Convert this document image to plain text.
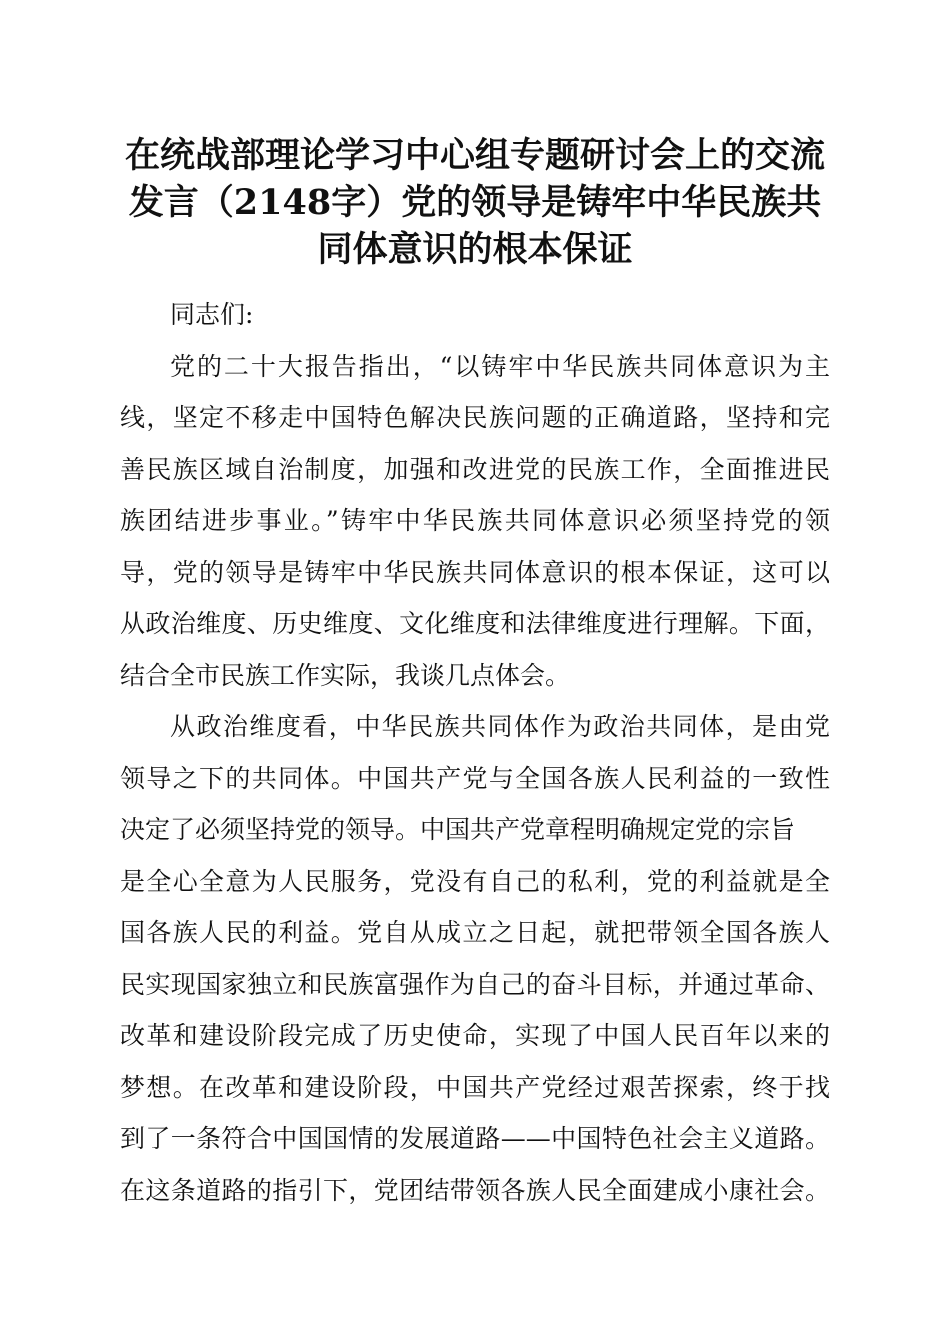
在统战部理论学习中心组专题研讨会上的交流
发言（2148字）党的领导是铸牢中华民族共
同体意识的根本保证
同志们:
党的二十大报告指出，“以铸牢中华民族共同体意识为主
线，坚定不移走中国特色解决民族问题的正确道路，坚持和完
善民族区域自治制度，加强和改进党的民族工作，全面推进民
族团结进步事业。”铸牢中华民族共同体意识必须坚持党的领
导，党的领导是铸牢中华民族共同体意识的根本保证，这可以
从政治维度、历史维度、文化维度和法律维度进行理解。下面，
结合全市民族工作实际，我谈几点体会。
从政治维度看，中华民族共同体作为政治共同体，是由党
领导之下的共同体。中国共产党与全国各族人民利益的一致性
决定了必须坚持党的领导。中国共产党章程明确规定党的宗旨
是全心全意为人民服务，党没有自己的私利，党的利益就是全
国各族人民的利益。党自从成立之日起，就把带领全国各族人
民实现国家独立和民族富强作为自己的奋斗目标，并通过革命、
改革和建设阶段完成了历史使命，实现了中国人民百年以来的
梦想。在改革和建设阶段，中国共产党经过艰苦探索，终于找
到了一条符合中国国情的发展道路——中国特色社会主义道路。
在这条道路的指引下，党团结带领各族人民全面建成小康社会。
